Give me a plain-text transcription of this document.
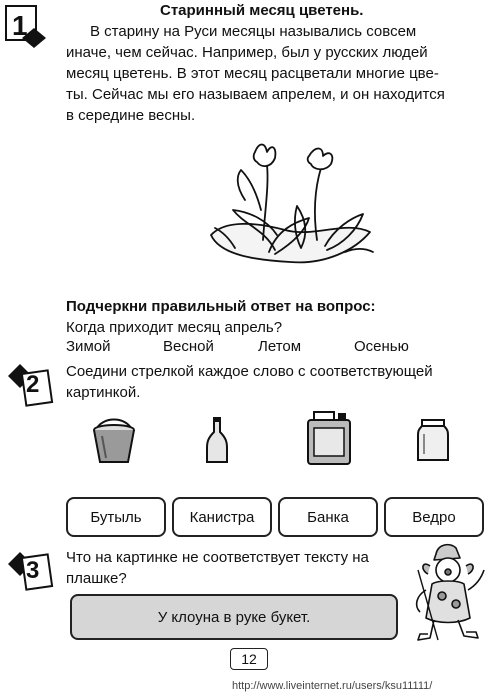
1	Старинный месяц цветень.
В старину на Руси месяцы назывались совсем
иначе, чем сейчас. Например, был у русских людей
месяц цветень. В этот месяц расцветали многие цве-
ты. Сейчас мы его называем апрелем, и он находится
в середине весны.
Подчеркни правильный ответ на вопрос:
Когда приходит месяц апрель?
Зимой	Весной	Летом	Осенью
2 Соедини стрелкой каждое слово с соответствующей
картинкой.
Бутыль	Канистра	Банка	Ведро
3 Что на картинке не соответствует тексту на
плашке?
У клоуна в руке букет.
12
http://www.liveinternet.ru/users/ksu11111/
